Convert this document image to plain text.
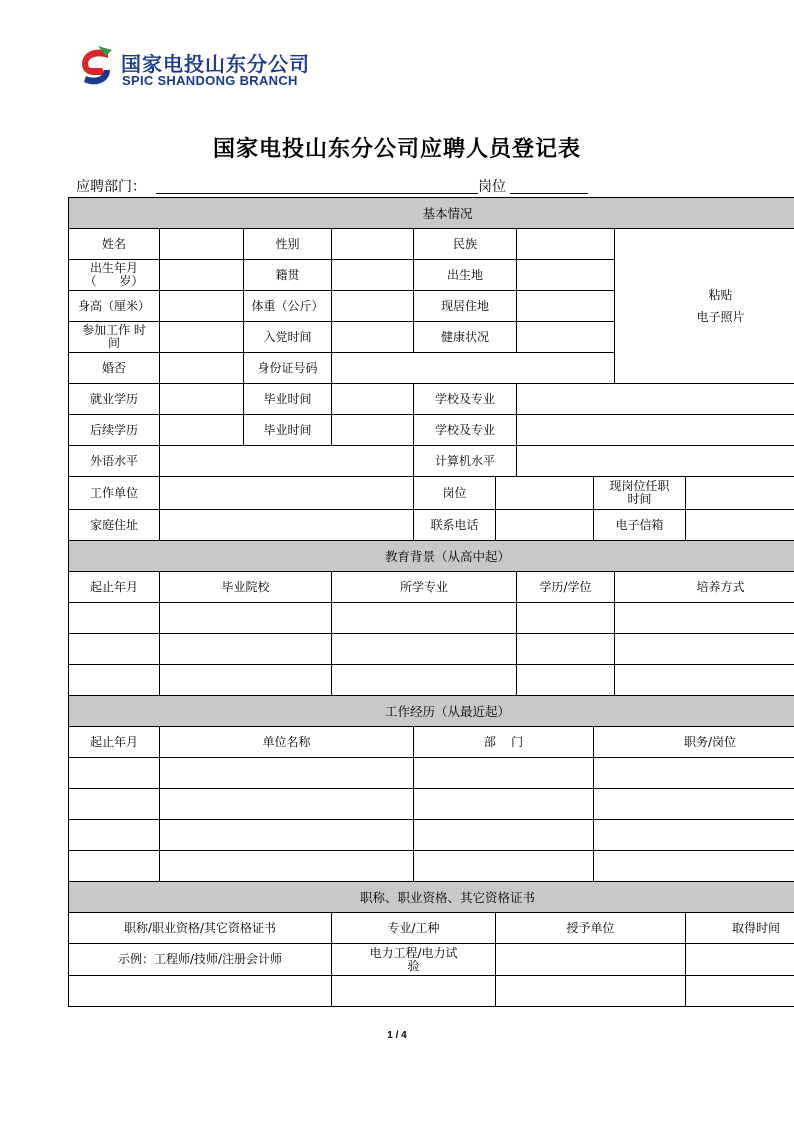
国家电投山东分公司
SPIC SHANDONG BRANCH
国家电投山东分公司应聘人员登记表
应聘部门：	岗位
基本情况									
姓名		性别		民族				粘贴
电子照片	

出生年月
（      岁）		籍贯		出生地					
身高（厘米）		体重（公斤）		现居住地					

参加工作 时
间		入党时间		健康状况					
婚否		身份证号码							
就业学历		毕业时间		学校及专业					
后续学历		毕业时间		学校及专业					
外语水平				计算机水平					
工作单位				岗位			现岗位任职
时间		

家庭住址				联系电话			电子信箱		
教育背景（从高中起）									
起止年月	毕业院校		所学专业			学历/学位		培养方式	

工作经历（从最近起）									
起止年月	单位名称			部    门			职务/岗位		

职称、职业资格、其它资格证书									
职称/职业资格/其它资格证书			专业/工种		授予单位				取得时间
示例：工程师/技师/注册会计师			电力工程/电力试
验						

1 / 4
